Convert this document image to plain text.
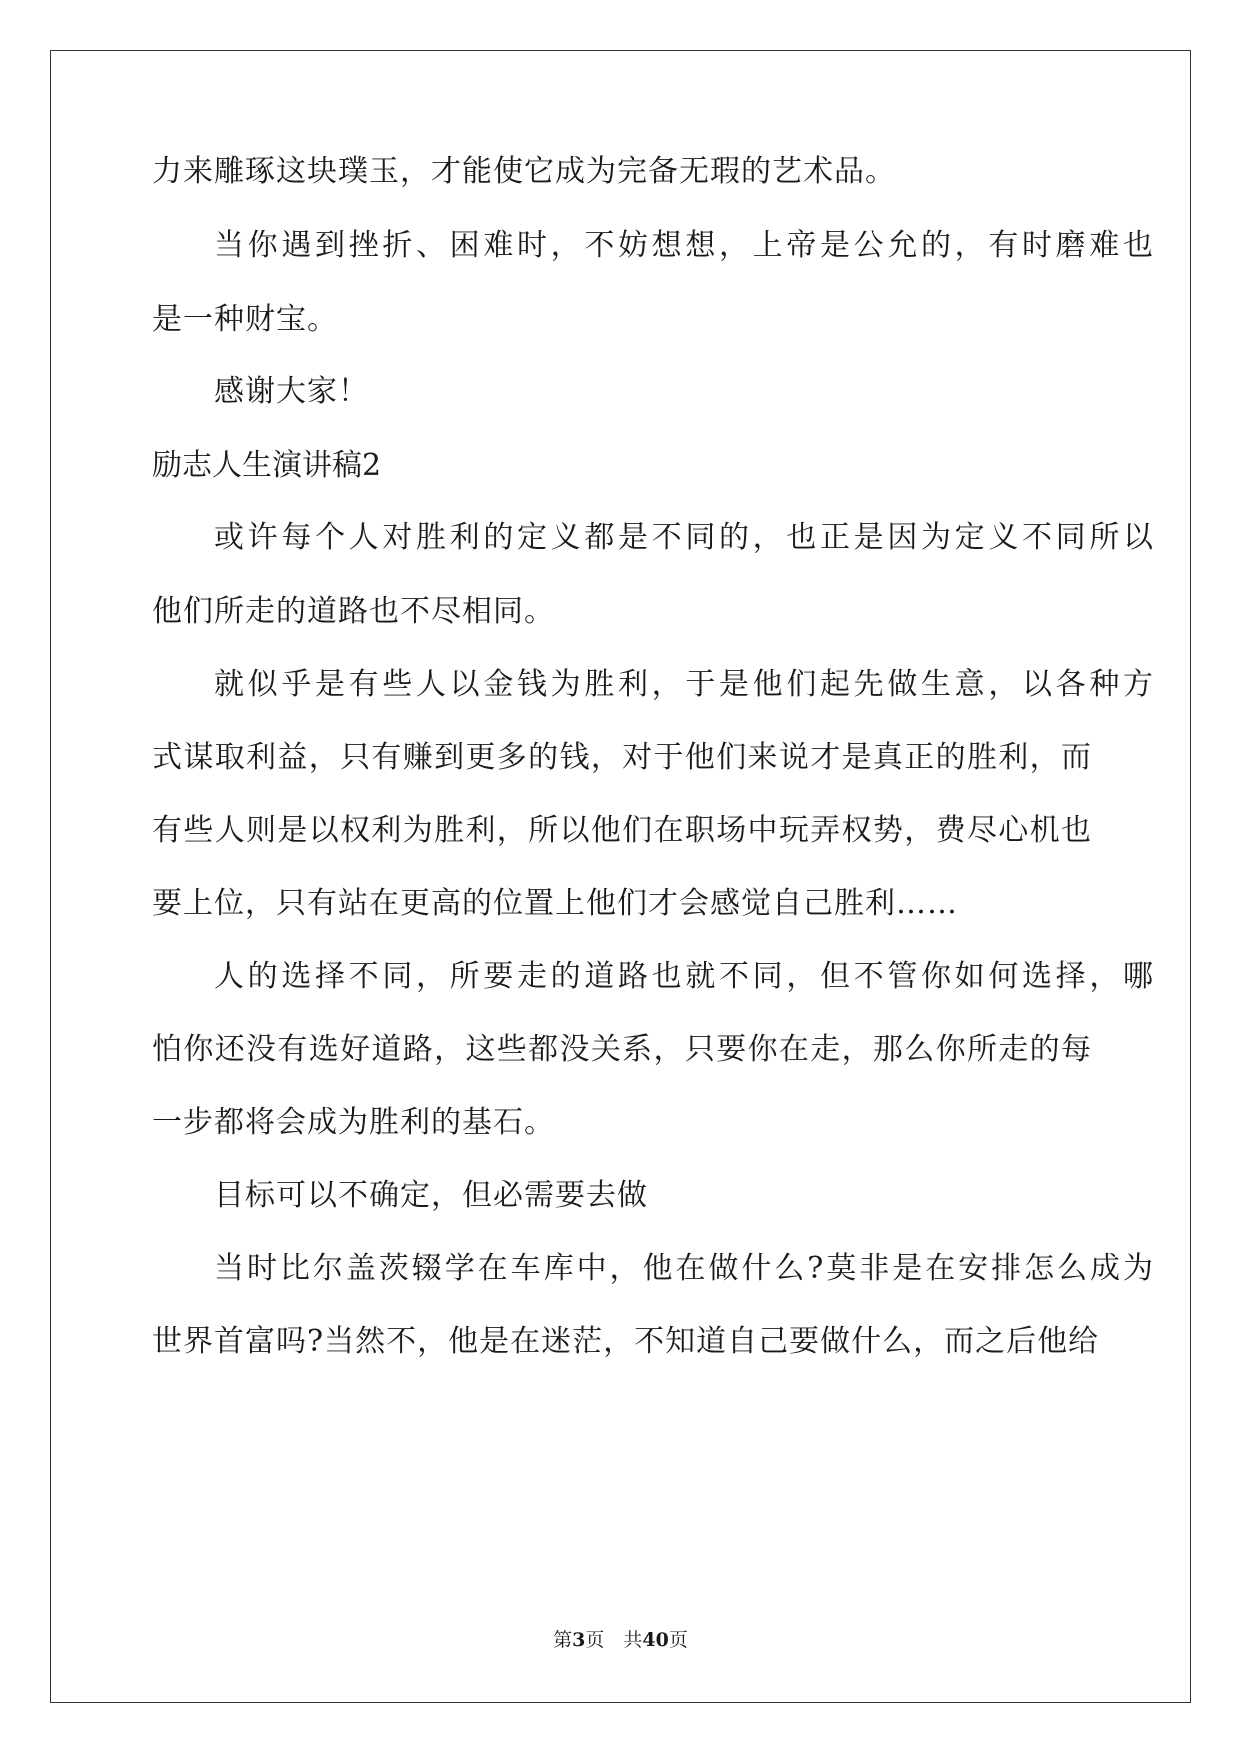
力来雕琢这块璞玉，才能使它成为完备无瑕的艺术品。
当你遇到挫折、困难时，不妨想想，上帝是公允的，有时磨难也
是一种财宝。
感谢大家！
励志人生演讲稿2
或许每个人对胜利的定义都是不同的，也正是因为定义不同所以
他们所走的道路也不尽相同。
就似乎是有些人以金钱为胜利，于是他们起先做生意，以各种方
式谋取利益，只有赚到更多的钱，对于他们来说才是真正的胜利，而
有些人则是以权利为胜利，所以他们在职场中玩弄权势，费尽心机也
要上位，只有站在更高的位置上他们才会感觉自己胜利……
人的选择不同，所要走的道路也就不同，但不管你如何选择，哪
怕你还没有选好道路，这些都没关系，只要你在走，那么你所走的每
一步都将会成为胜利的基石。
目标可以不确定，但必需要去做
当时比尔盖茨辍学在车库中，他在做什么?莫非是在安排怎么成为
世界首富吗?当然不，他是在迷茫，不知道自己要做什么，而之后他给
第3页　共40页
